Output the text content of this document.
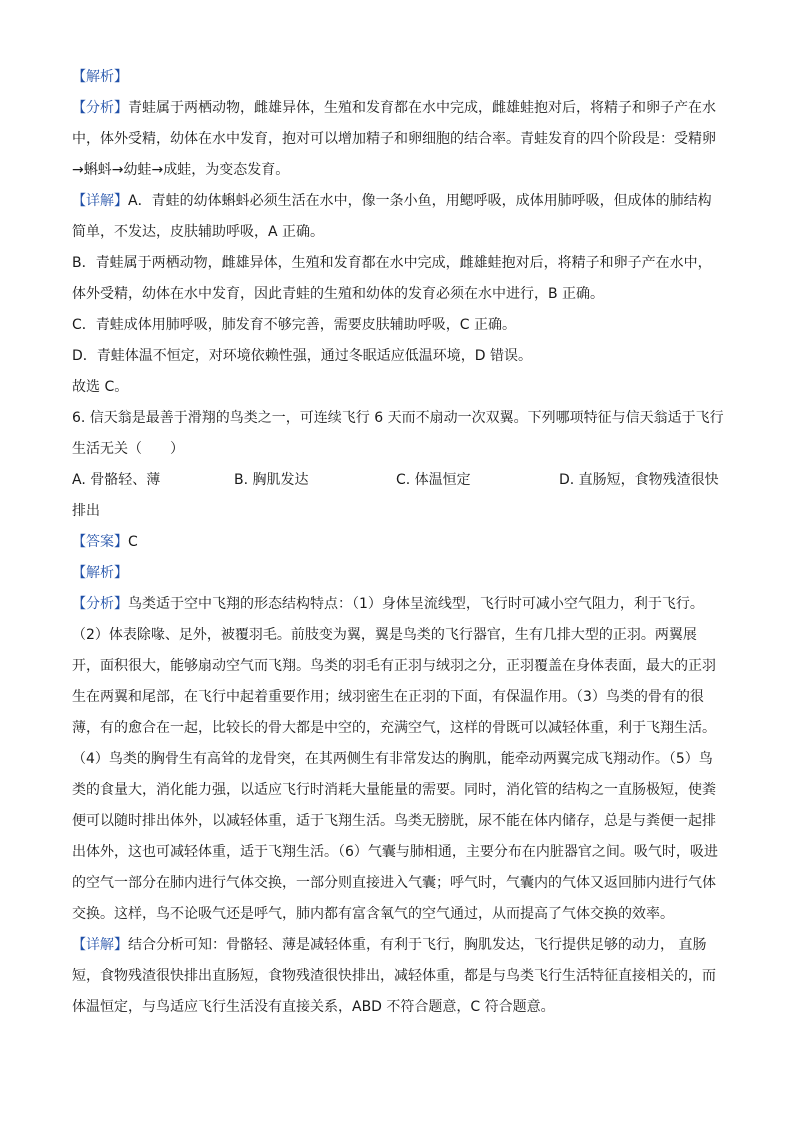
【解析】

【分析】青蛙属于两栖动物，雌雄异体，生殖和发育都在水中完成，雌雄蛙抱对后，将精子和卵子产在水中，体外受精，幼体在水中发育，抱对可以增加精子和卵细胞的结合率。青蛙发育的四个阶段是：受精卵→蝌蚪→幼蛙→成蛙，为变态发育。

【详解】A．青蛙的幼体蝌蚪必须生活在水中，像一条小鱼，用鳃呼吸，成体用肺呼吸，但成体的肺结构简单，不发达，皮肤辅助呼吸，A 正确。

B．青蛙属于两栖动物，雌雄异体，生殖和发育都在水中完成，雌雄蛙抱对后，将精子和卵子产在水中，体外受精，幼体在水中发育，因此青蛙的生殖和幼体的发育必须在水中进行，B 正确。

C．青蛙成体用肺呼吸，肺发育不够完善，需要皮肤辅助呼吸，C 正确。

D．青蛙体温不恒定，对环境依赖性强，通过冬眠适应低温环境，D 错误。

故选 C。

6. 信天翁是最善于滑翔的鸟类之一，可连续飞行 6 天而不扇动一次双翼。下列哪项特征与信天翁适于飞行生活无关（　　）

A. 骨骼轻、薄	B. 胸肌发达	C. 体温恒定	D. 直肠短，食物残渣很快

排出

【答案】C

【解析】

【分析】鸟类适于空中飞翔的形态结构特点：（1）身体呈流线型，飞行时可减小空气阻力，利于飞行。（2）体表除喙、足外，被覆羽毛。前肢变为翼，翼是鸟类的飞行器官，生有几排大型的正羽。两翼展开，面积很大，能够扇动空气而飞翔。鸟类的羽毛有正羽与绒羽之分，正羽覆盖在身体表面，最大的正羽生在两翼和尾部，在飞行中起着重要作用；绒羽密生在正羽的下面，有保温作用。（3）鸟类的骨有的很薄，有的愈合在一起，比较长的骨大都是中空的，充满空气，这样的骨既可以减轻体重，利于飞翔生活。（4）鸟类的胸骨生有高耸的龙骨突，在其两侧生有非常发达的胸肌，能牵动两翼完成飞翔动作。（5）鸟类的食量大，消化能力强，以适应飞行时消耗大量能量的需要。同时，消化管的结构之一直肠极短，使粪便可以随时排出体外，以减轻体重，适于飞翔生活。鸟类无膀胱，尿不能在体内储存，总是与粪便一起排出体外，这也可减轻体重，适于飞翔生活。（6）气囊与肺相通，主要分布在内脏器官之间。吸气时，吸进的空气一部分在肺内进行气体交换，一部分则直接进入气囊；呼气时，气囊内的气体又返回肺内进行气体交换。这样，鸟不论吸气还是呼气，肺内都有富含氧气的空气通过，从而提高了气体交换的效率。

【详解】结合分析可知：骨骼轻、薄是减轻体重，有利于飞行，胸肌发达，飞行提供足够的动力， 直肠短，食物残渣很快排出直肠短，食物残渣很快排出，减轻体重，都是与鸟类飞行生活特征直接相关的，而体温恒定，与鸟适应飞行生活没有直接关系，ABD 不符合题意，C 符合题意。
